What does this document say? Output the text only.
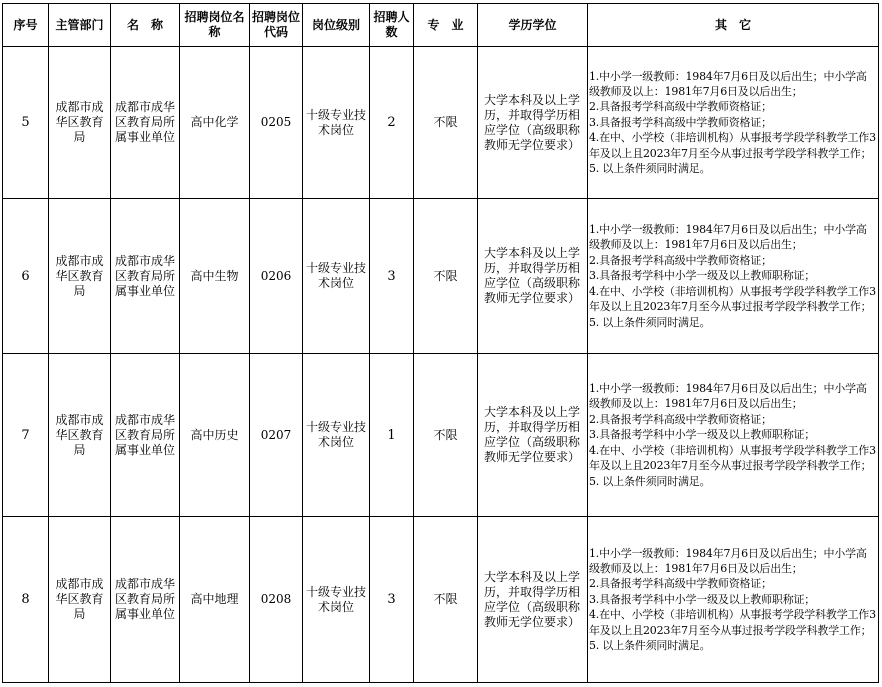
序号	主管部门	名　称	招聘岗位名称	招聘岗位代码	岗位级别	招聘人数	专　业	学历学位	其　它
5	成都市成华区教育局	成都市成华区教育局所属事业单位	高中化学	0205	十级专业技术岗位	2	不限	大学本科及以上学历，并取得学历相应学位（高级职称教师无学位要求）	1.中小学一级教师：1984年7月6日及以后出生；中小学高级教师及以上：1981年7月6日及以后出生；
2.具备报考学科高级中学教师资格证；
3.具备报考学科高级中学教师资格证；
4.在中、小学校（非培训机构）从事报考学段学科教学工作3年及以上且2023年7月至今从事过报考学段学科教学工作；
5. 以上条件须同时满足。

6	成都市成华区教育局	成都市成华区教育局所属事业单位	高中生物	0206	十级专业技术岗位	3	不限	大学本科及以上学历，并取得学历相应学位（高级职称教师无学位要求）	1.中小学一级教师：1984年7月6日及以后出生；中小学高级教师及以上：1981年7月6日及以后出生；
2.具备报考学科高级中学教师资格证；
3.具备报考学科中小学一级及以上教师职称证；
4.在中、小学校（非培训机构）从事报考学段学科教学工作3年及以上且2023年7月至今从事过报考学段学科教学工作；
5. 以上条件须同时满足。

7	成都市成华区教育局	成都市成华区教育局所属事业单位	高中历史	0207	十级专业技术岗位	1	不限	大学本科及以上学历，并取得学历相应学位（高级职称教师无学位要求）	1.中小学一级教师：1984年7月6日及以后出生；中小学高级教师及以上：1981年7月6日及以后出生；
2.具备报考学科高级中学教师资格证；
3.具备报考学科中小学一级及以上教师职称证；
4.在中、小学校（非培训机构）从事报考学段学科教学工作3年及以上且2023年7月至今从事过报考学段学科教学工作；
5. 以上条件须同时满足。

8	成都市成华区教育局	成都市成华区教育局所属事业单位	高中地理	0208	十级专业技术岗位	3	不限	大学本科及以上学历，并取得学历相应学位（高级职称教师无学位要求）	1.中小学一级教师：1984年7月6日及以后出生；中小学高级教师及以上：1981年7月6日及以后出生；
2.具备报考学科高级中学教师资格证；
3.具备报考学科中小学一级及以上教师职称证；
4.在中、小学校（非培训机构）从事报考学段学科教学工作3年及以上且2023年7月至今从事过报考学段学科教学工作；
5. 以上条件须同时满足。
